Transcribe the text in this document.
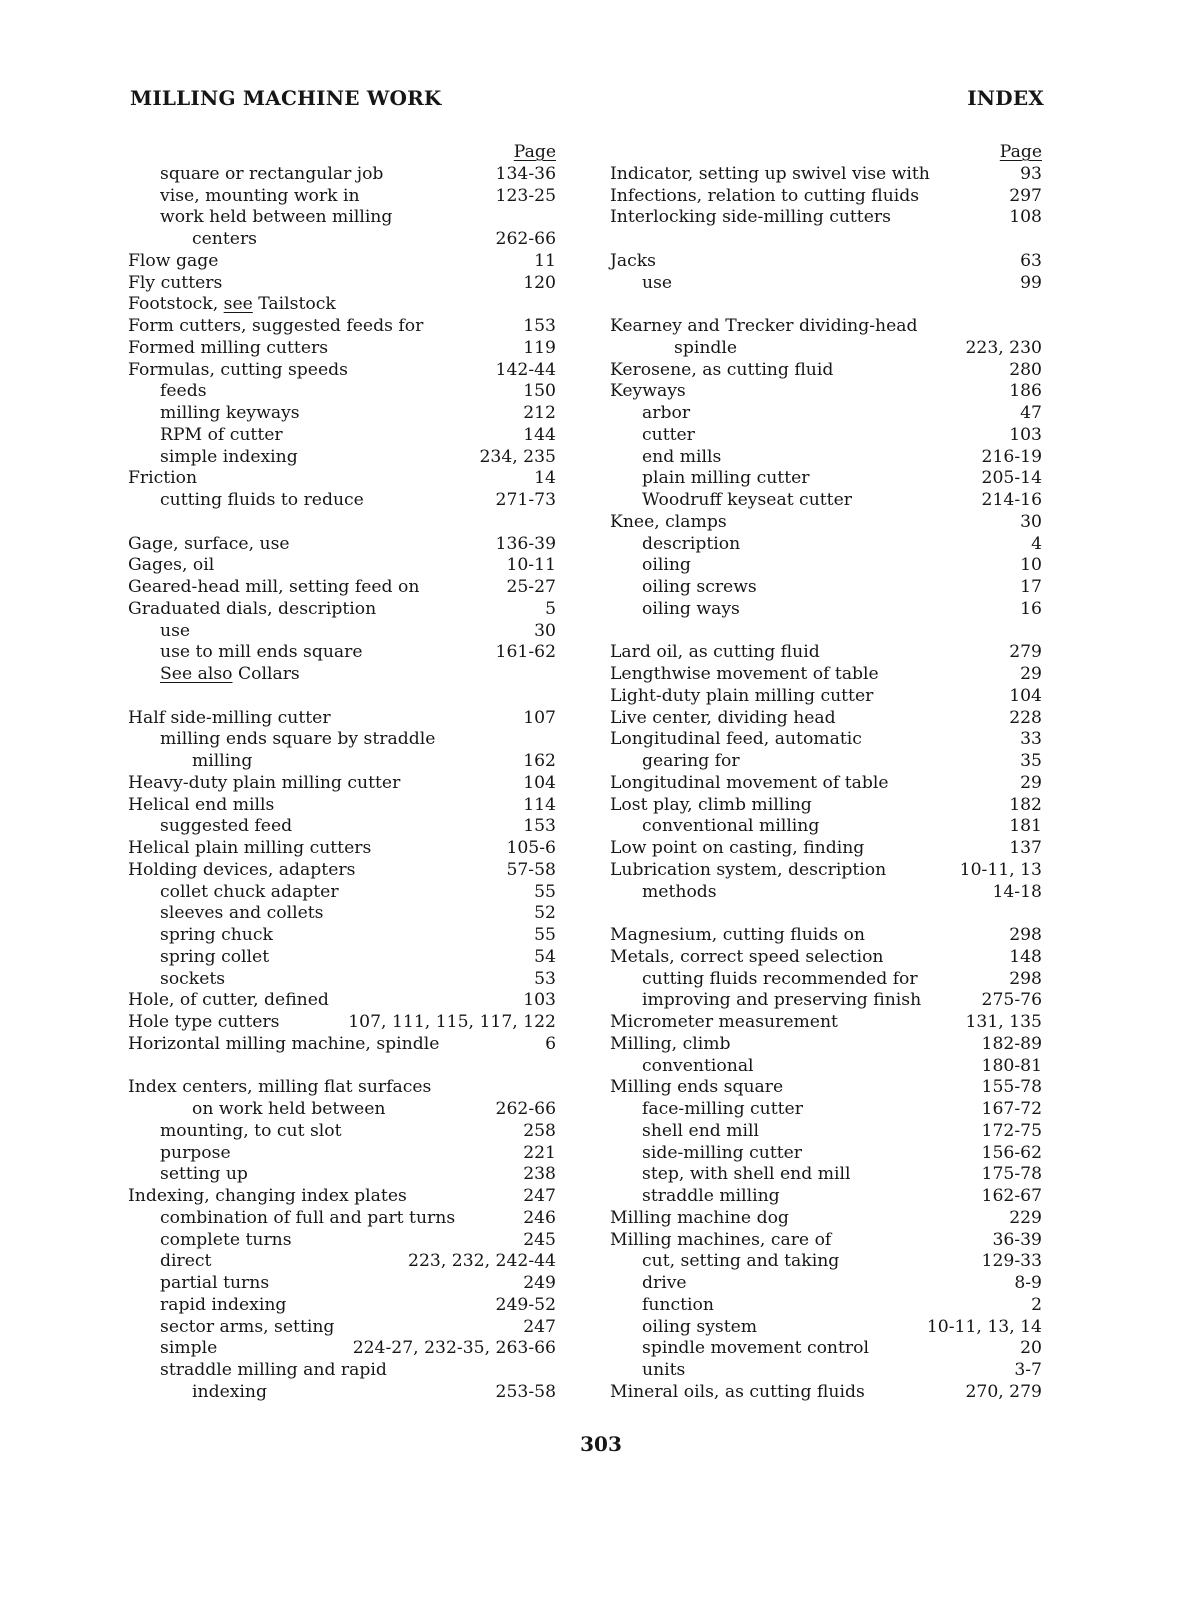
MILLING MACHINE WORK	INDEX
Page
square or rectangular job	134-36
vise, mounting work in	123-25
work held between milling
centers	262-66
Flow gage	11
Fly cutters	120
Footstock, see Tailstock
Form cutters, suggested feeds for	153
Formed milling cutters	119
Formulas, cutting speeds	142-44
feeds	150
milling keyways	212
RPM of cutter	144
simple indexing	234, 235
Friction	14
cutting fluids to reduce	271-73
Gage, surface, use	136-39
Gages, oil	10-11
Geared-head mill, setting feed on	25-27
Graduated dials, description	5
use	30
use to mill ends square	161-62
See also Collars
Half side-milling cutter	107
milling ends square by straddle
milling	162
Heavy-duty plain milling cutter	104
Helical end mills	114
suggested feed	153
Helical plain milling cutters	105-6
Holding devices, adapters	57-58
collet chuck adapter	55
sleeves and collets	52
spring chuck	55
spring collet	54
sockets	53
Hole, of cutter, defined	103
Hole type cutters	107, 111, 115, 117, 122
Horizontal milling machine, spindle	6
Index centers, milling flat surfaces
on work held between	262-66
mounting, to cut slot	258
purpose	221
setting up	238
Indexing, changing index plates	247
combination of full and part turns	246
complete turns	245
direct	223, 232, 242-44
partial turns	249
rapid indexing	249-52
sector arms, setting	247
simple	224-27, 232-35, 263-66
straddle milling and rapid
indexing	253-58
Page
Indicator, setting up swivel vise with	93
Infections, relation to cutting fluids	297
Interlocking side-milling cutters	108
Jacks	63
use	99
Kearney and Trecker dividing-head
spindle	223, 230
Kerosene, as cutting fluid	280
Keyways	186
arbor	47
cutter	103
end mills	216-19
plain milling cutter	205-14
Woodruff keyseat cutter	214-16
Knee, clamps	30
description	4
oiling	10
oiling screws	17
oiling ways	16
Lard oil, as cutting fluid	279
Lengthwise movement of table	29
Light-duty plain milling cutter	104
Live center, dividing head	228
Longitudinal feed, automatic	33
gearing for	35
Longitudinal movement of table	29
Lost play, climb milling	182
conventional milling	181
Low point on casting, finding	137
Lubrication system, description	10-11, 13
methods	14-18
Magnesium, cutting fluids on	298
Metals, correct speed selection	148
cutting fluids recommended for	298
improving and preserving finish	275-76
Micrometer measurement	131, 135
Milling, climb	182-89
conventional	180-81
Milling ends square	155-78
face-milling cutter	167-72
shell end mill	172-75
side-milling cutter	156-62
step, with shell end mill	175-78
straddle milling	162-67
Milling machine dog	229
Milling machines, care of	36-39
cut, setting and taking	129-33
drive	8-9
function	2
oiling system	10-11, 13, 14
spindle movement control	20
units	3-7
Mineral oils, as cutting fluids	270, 279
303
